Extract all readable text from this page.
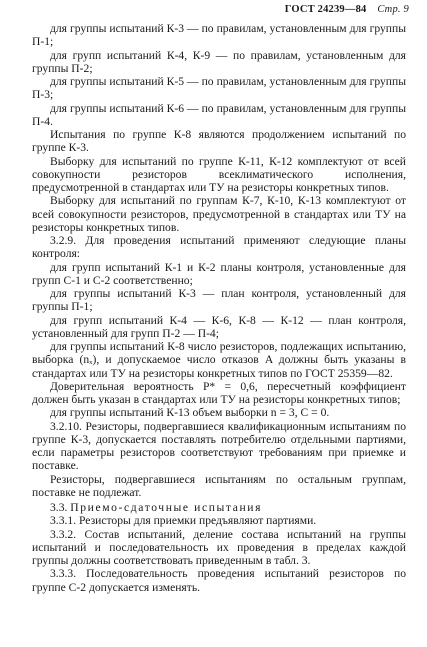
ГОСТ 24239—84 Стр. 9

для группы испытаний К-3 — по правилам, установленным для группы П-1;

для групп испытаний К-4, К-9 — по правилам, установленным для группы П-2;

для группы испытаний К-5 — по правилам, установленным для группы П-3;

для группы испытаний К-6 — по правилам, установленным для группы П-4.

Испытания по группе К-8 являются продолжением испытаний по группе К-3.

Выборку для испытаний по группе К-11, К-12 комплектуют от всей совокупности резисторов всеклиматического исполнения, предусмотренной в стандартах или ТУ на резисторы конкретных типов.

Выборку для испытаний по группам К-7, К-10, К-13 комплектуют от всей совокупности резисторов, предусмотренной в стандартах или ТУ на резисторы конкретных типов.

3.2.9. Для проведения испытаний применяют следующие планы контроля:

для групп испытаний К-1 и К-2 планы контроля, установленные для групп С-1 и С-2 соответственно;

для группы испытаний К-3 — план контроля, установленный для группы П-1;

для групп испытаний К-4 — К-6, К-8 — К-12 — план контроля, установленный для групп П-2 — П-4;

для группы испытаний К-8 число резисторов, подлежащих испытанию, выборка (nₓ), и допускаемое число отказов A должны быть указаны в стандартах или ТУ на резисторы конкретных типов по ГОСТ 25359—82.

Доверительная вероятность P* = 0,6, пересчетный коэффициент должен быть указан в стандартах или ТУ на резисторы конкретных типов;

для группы испытаний К-13 объем выборки n = 3, C = 0.

3.2.10. Резисторы, подвергавшиеся квалификационным испытаниям по группе К-3, допускается поставлять потребителю отдельными партиями, если параметры резисторов соответствуют требованиям при приемке и поставке.

Резисторы, подвергавшиеся испытаниям по остальным группам, поставке не подлежат.

3.3. Приемо-сдаточные испытания

3.3.1. Резисторы для приемки предъявляют партиями.

3.3.2. Состав испытаний, деление состава испытаний на группы испытаний и последовательность их проведения в пределах каждой группы должны соответствовать приведенным в табл. 3.

3.3.3. Последовательность проведения испытаний резисторов по группе С-2 допускается изменять.
